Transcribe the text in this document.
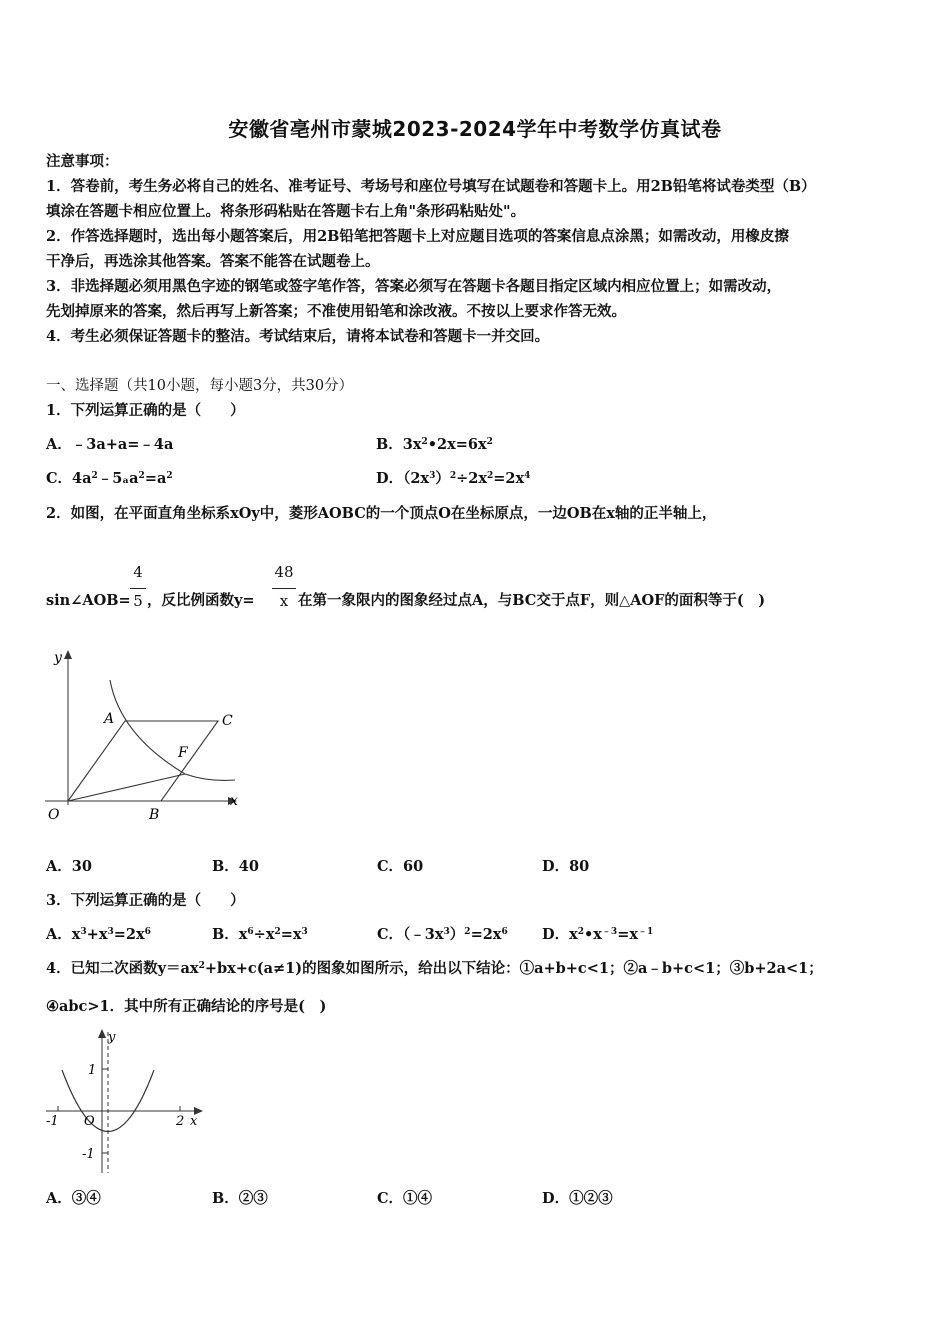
安徽省亳州市蒙城2023-2024学年中考数学仿真试卷
注意事项：
1．答卷前，考生务必将自己的姓名、准考证号、考场号和座位号填写在试题卷和答题卡上。用2B铅笔将试卷类型（B）
填涂在答题卡相应位置上。将条形码粘贴在答题卡右上角"条形码粘贴处"。
2．作答选择题时，选出每小题答案后，用2B铅笔把答题卡上对应题目选项的答案信息点涂黑；如需改动，用橡皮擦
干净后，再选涂其他答案。答案不能答在试题卷上。
3．非选择题必须用黑色字迹的钢笔或签字笔作答，答案必须写在答题卡各题目指定区域内相应位置上；如需改动，
先划掉原来的答案，然后再写上新答案；不准使用铅笔和涂改液。不按以上要求作答无效。
4．考生必须保证答题卡的整洁。考试结束后，请将本试卷和答题卡一并交回。
一、选择题（共10小题，每小题3分，共30分）
1．下列运算正确的是（　　）
A．﹣3a+a=﹣4a	B．$3x^2•2x=6x^2$
C．$4a^2﹣5_aa^2=a^2$	D．$(2x^3)^2\div 2x^2=2x^4$
2．如图，在平面直角坐标系xOy中，菱形AOBC的一个顶点O在坐标原点，一边OB在x轴的正半轴上，
sin∠AOB=
4
5 ，反比例函数y=
48
x 在第一象限内的图象经过点A，与BC交于点F，则△AOF的面积等于(　)
y
x
O
A	C
F
B
A．30	B．40	C．60	D．80
3．下列运算正确的是（　　）
A．$x^3+x^3=2x^6$	B．$x^6\div x^2=x^3$	C．$(﹣3x^3)^2=2x^6$ D．$x^2•x^{﹣3}=x^{﹣1}$
4．已知二次函数$y=ax^2+bx+c(a\ne 1)$的图象如图所示，给出以下结论：①a+b+c<1；②a﹣b+c<1；③b+2a<1；
④abc>1．其中所有正确结论的序号是(　)
y
x
1
-1
O	2
-1
A．③④	B．②③	C．①④	D．①②③
